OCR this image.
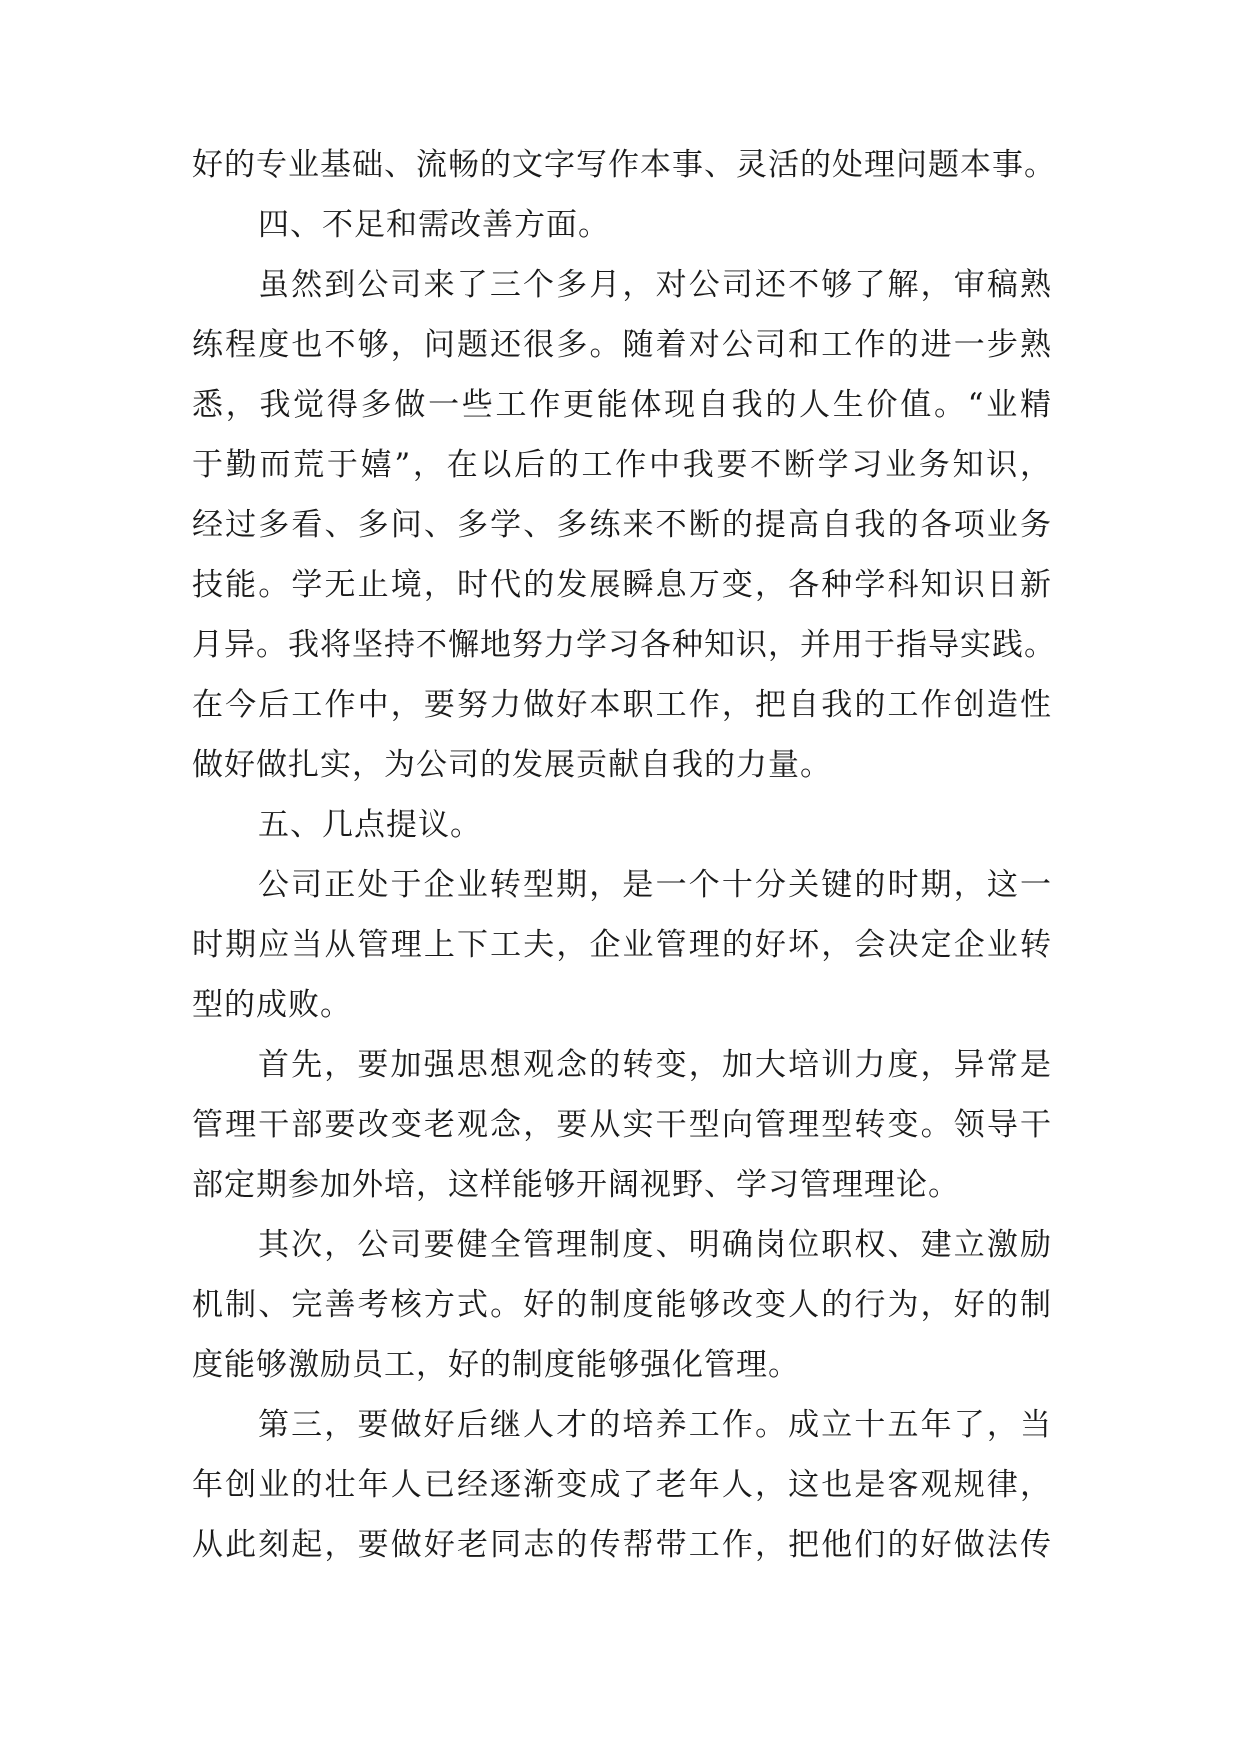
好的专业基础、流畅的文字写作本事、灵活的处理问题本事。
四、不足和需改善方面。
虽然到公司来了三个多月，对公司还不够了解，审稿熟
练程度也不够，问题还很多。随着对公司和工作的进一步熟
悉，我觉得多做一些工作更能体现自我的人生价值。“业精
于勤而荒于嬉”，在以后的工作中我要不断学习业务知识，
经过多看、多问、多学、多练来不断的提高自我的各项业务
技能。学无止境，时代的发展瞬息万变，各种学科知识日新
月异。我将坚持不懈地努力学习各种知识，并用于指导实践。
在今后工作中，要努力做好本职工作，把自我的工作创造性
做好做扎实，为公司的发展贡献自我的力量。
五、几点提议。
公司正处于企业转型期，是一个十分关键的时期，这一
时期应当从管理上下工夫，企业管理的好坏，会决定企业转
型的成败。
首先，要加强思想观念的转变，加大培训力度，异常是
管理干部要改变老观念，要从实干型向管理型转变。领导干
部定期参加外培，这样能够开阔视野、学习管理理论。
其次，公司要健全管理制度、明确岗位职权、建立激励
机制、完善考核方式。好的制度能够改变人的行为，好的制
度能够激励员工，好的制度能够强化管理。
第三，要做好后继人才的培养工作。成立十五年了，当
年创业的壮年人已经逐渐变成了老年人，这也是客观规律，
从此刻起，要做好老同志的传帮带工作，把他们的好做法传
